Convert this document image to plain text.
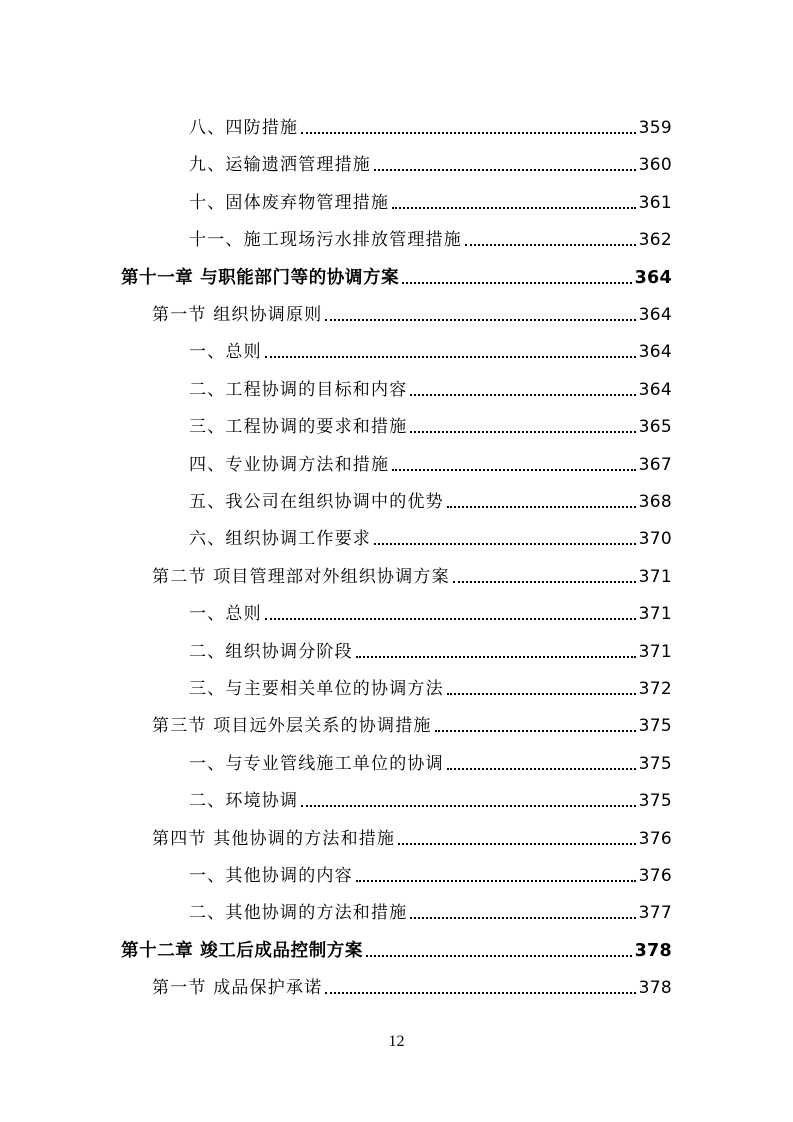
八、四防措施	359
九、运输遗洒管理措施	360
十、固体废弃物管理措施	361
十一、施工现场污水排放管理措施	362
第十一章 与职能部门等的协调方案	364
第一节 组织协调原则	364
一、总则	364
二、工程协调的目标和内容	364
三、工程协调的要求和措施	365
四、专业协调方法和措施	367
五、我公司在组织协调中的优势	368
六、组织协调工作要求	370
第二节 项目管理部对外组织协调方案	371
一、总则	371
二、组织协调分阶段	371
三、与主要相关单位的协调方法	372
第三节 项目远外层关系的协调措施	375
一、与专业管线施工单位的协调	375
二、环境协调	375
第四节 其他协调的方法和措施	376
一、其他协调的内容	376
二、其他协调的方法和措施	377
第十二章 竣工后成品控制方案	378
第一节 成品保护承诺	378
12
